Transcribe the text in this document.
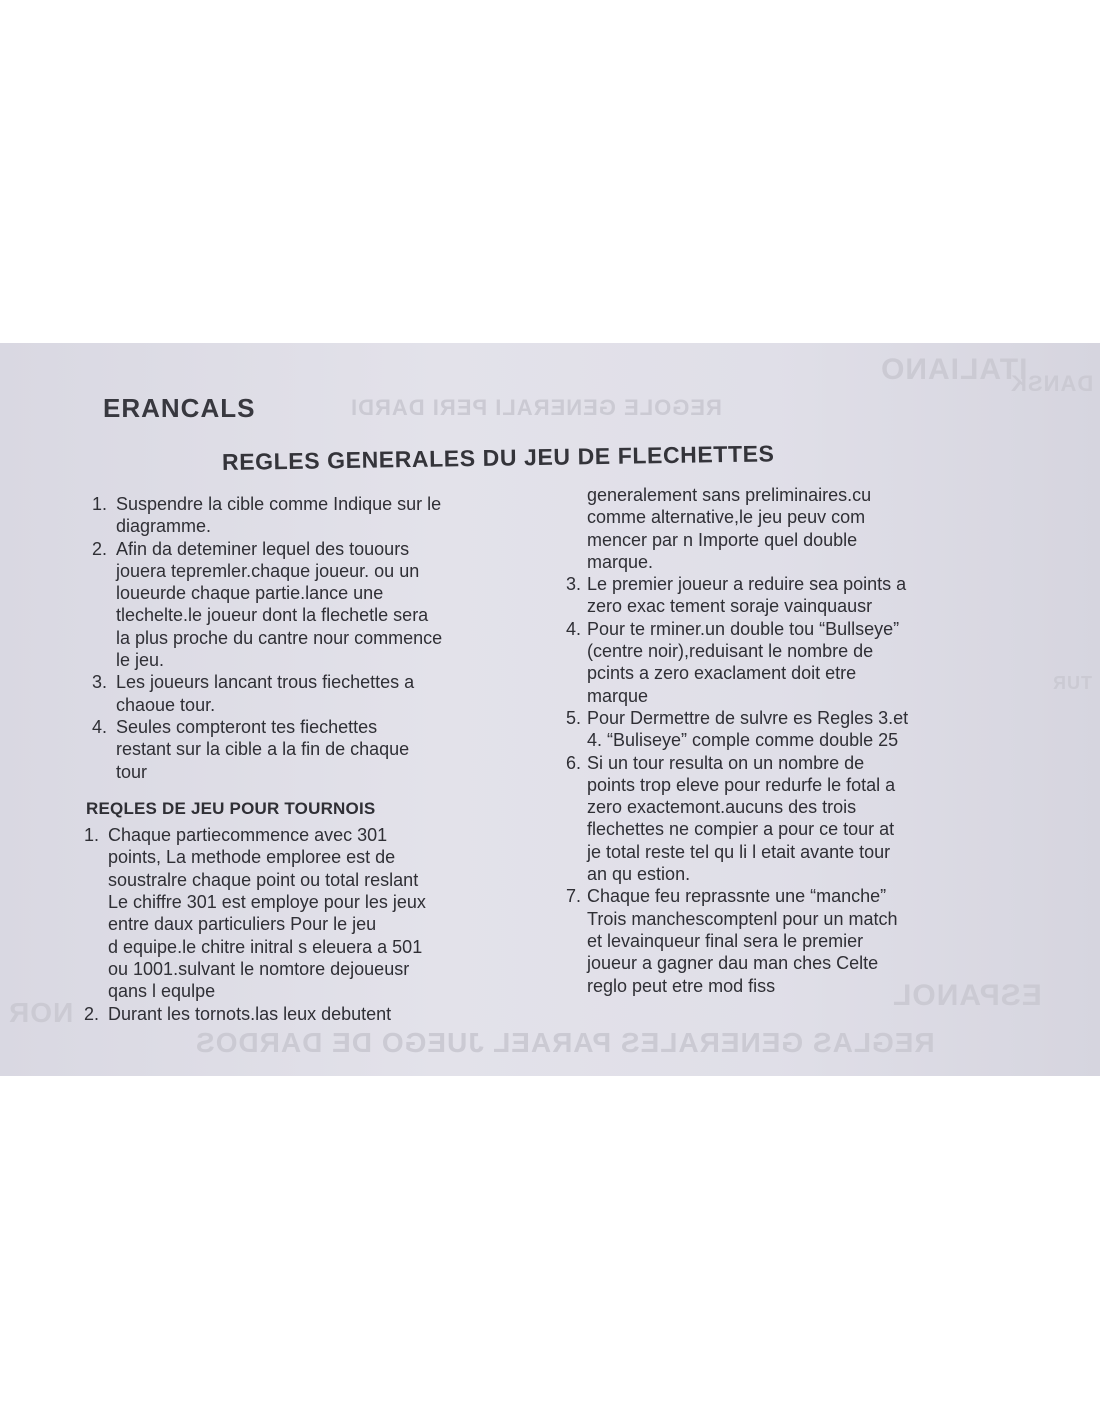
ITALIANO
REGOLE GENERALI PERI DARDI
DANSK
TUR
ESPANOL
NOR
REGLAS GENERALES PARAEL JUEGO DE DARDOS
ERANCALS
REGLES GENERALES DU JEU DE FLECHETTES
1. Suspendre la cible comme Indique sur le
diagramme.
2. Afin da deteminer lequel des touours
jouera tepremler.chaque joueur. ou un
loueurde chaque partie.lance une
tlechelte.le joueur dont la flechetle sera
la plus proche du cantre nour commence
le jeu.
3. Les joueurs lancant trous fiechettes a
chaoue tour.
4. Seules compteront tes fiechettes
restant sur la cible a la fin de chaque
tour
REQLES DE JEU POUR TOURNOIS
1. Chaque partiecommence avec 301
points, La methode emploree est de
soustralre chaque point ou total reslant
Le chiffre 301 est employe pour les jeux
entre daux particuliers Pour le jeu
d equipe.le chitre initral s eleuera a 501
ou 1001.sulvant le nomtore dejoueusr
qans l equlpe
2. Durant les tornots.las leux debutent
generalement sans preliminaires.cu
comme alternative,le jeu peuv com
mencer par n Importe quel double
marque.
3. Le premier joueur a reduire sea points a
zero exac tement soraje vainquausr
4. Pour te rminer.un double tou “Bullseye”
(centre noir),reduisant le nombre de
pcints a zero exaclament doit etre
marque
5. Pour Dermettre de sulvre es Regles 3.et
4. “Buliseye” comple comme double 25
6. Si un tour resulta on un nombre de
points trop eleve pour redurfe le fotal a
zero exactemont.aucuns des trois
flechettes ne compier a pour ce tour at
je total reste tel qu li l etait avante tour
an qu estion.
7. Chaque feu reprassnte une “manche”
Trois manchescomptenl pour un match
et levainqueur final sera le premier
joueur a gagner dau man ches Celte
reglo peut etre mod fiss
